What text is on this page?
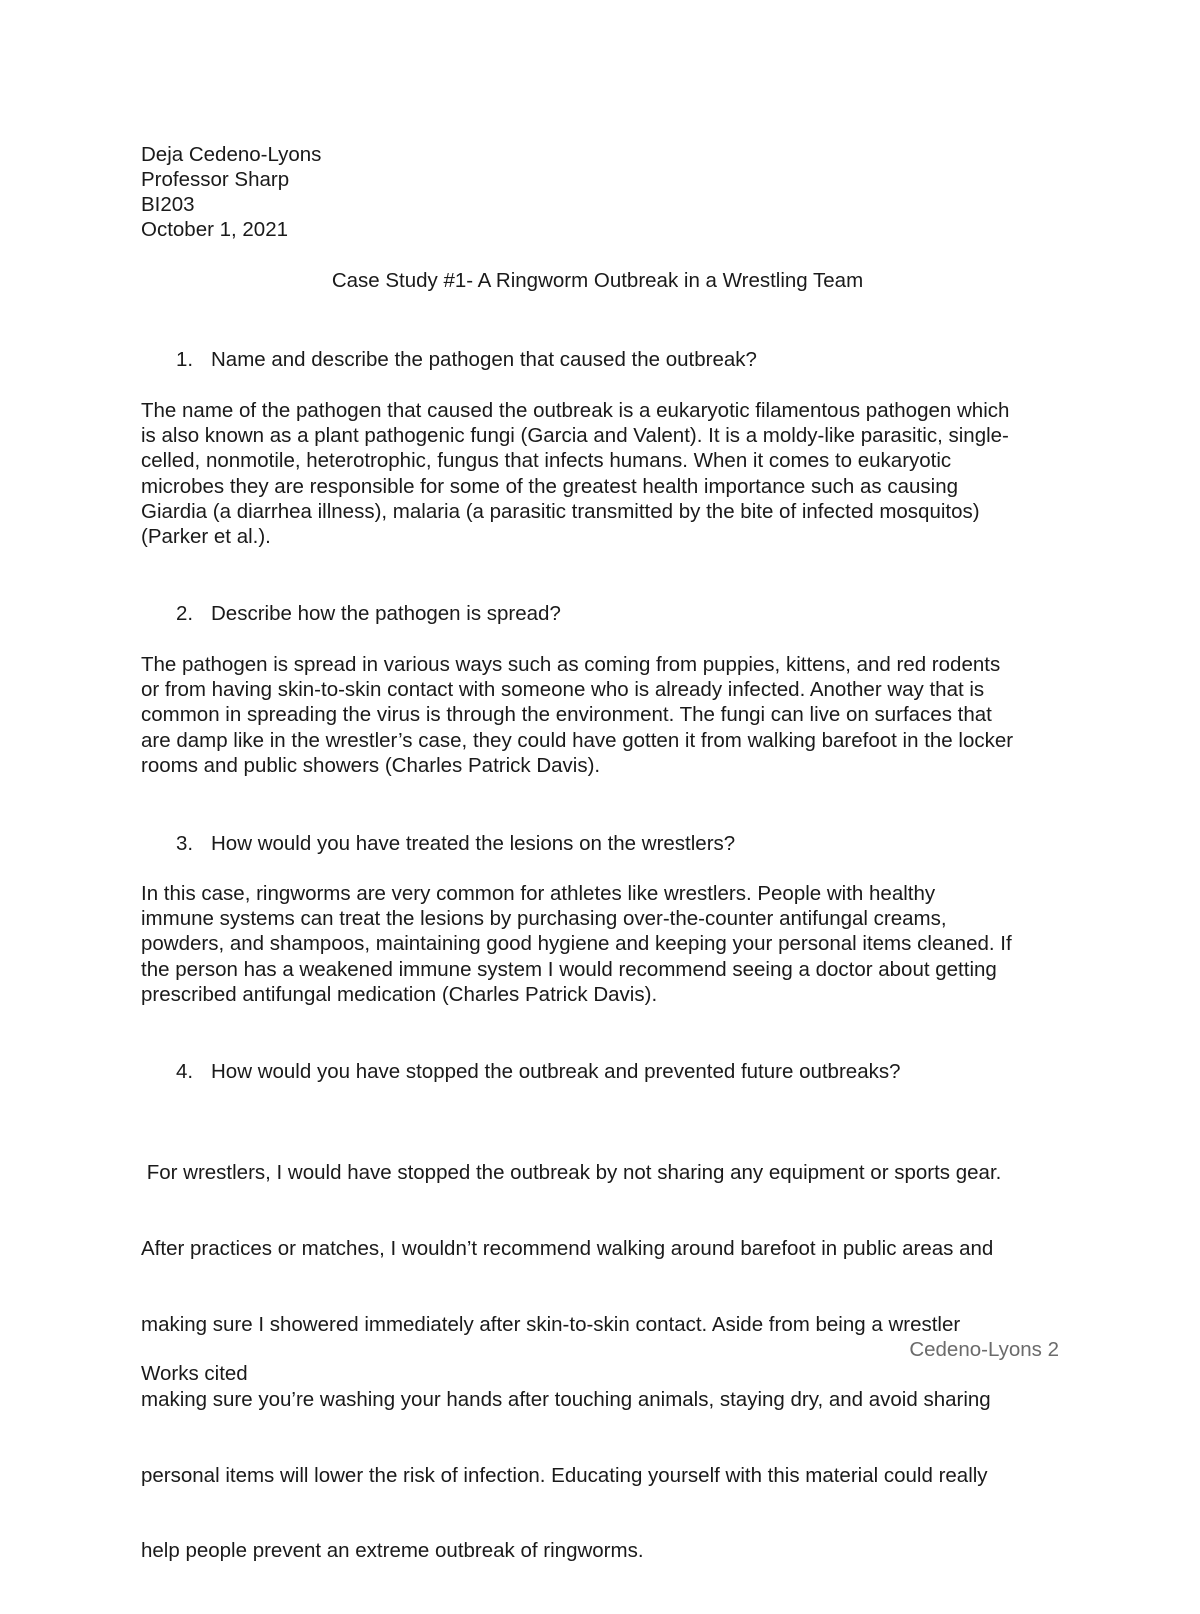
Deja Cedeno-Lyons
Professor Sharp
BI203
October 1, 2021
Case Study #1- A Ringworm Outbreak in a Wrestling Team
1. Name and describe the pathogen that caused the outbreak?
The name of the pathogen that caused the outbreak is a eukaryotic filamentous pathogen which
is also known as a plant pathogenic fungi (Garcia and Valent). It is a moldy-like parasitic, single-
celled, nonmotile, heterotrophic, fungus that infects humans. When it comes to eukaryotic
microbes they are responsible for some of the greatest health importance such as causing
Giardia (a diarrhea illness), malaria (a parasitic transmitted by the bite of infected mosquitos)
(Parker et al.).
2. Describe how the pathogen is spread?
The pathogen is spread in various ways such as coming from puppies, kittens, and red rodents
or from having skin-to-skin contact with someone who is already infected. Another way that is
common in spreading the virus is through the environment. The fungi can live on surfaces that
are damp like in the wrestler’s case, they could have gotten it from walking barefoot in the locker
rooms and public showers (Charles Patrick Davis).
3. How would you have treated the lesions on the wrestlers?
In this case, ringworms are very common for athletes like wrestlers. People with healthy
immune systems can treat the lesions by purchasing over-the-counter antifungal creams,
powders, and shampoos, maintaining good hygiene and keeping your personal items cleaned. If
the person has a weakened immune system I would recommend seeing a doctor about getting
prescribed antifungal medication (Charles Patrick Davis).
4. How would you have stopped the outbreak and prevented future outbreaks?

For wrestlers, I would have stopped the outbreak by not sharing any equipment or sports gear.

After practices or matches, I wouldn’t recommend walking around barefoot in public areas and

making sure I showered immediately after skin-to-skin contact. Aside from being a wrestler

making sure you’re washing your hands after touching animals, staying dry, and avoid sharing

personal items will lower the risk of infection. Educating yourself with this material could really

help people prevent an extreme outbreak of ringworms.

Cedeno-Lyons 2
Works cited
